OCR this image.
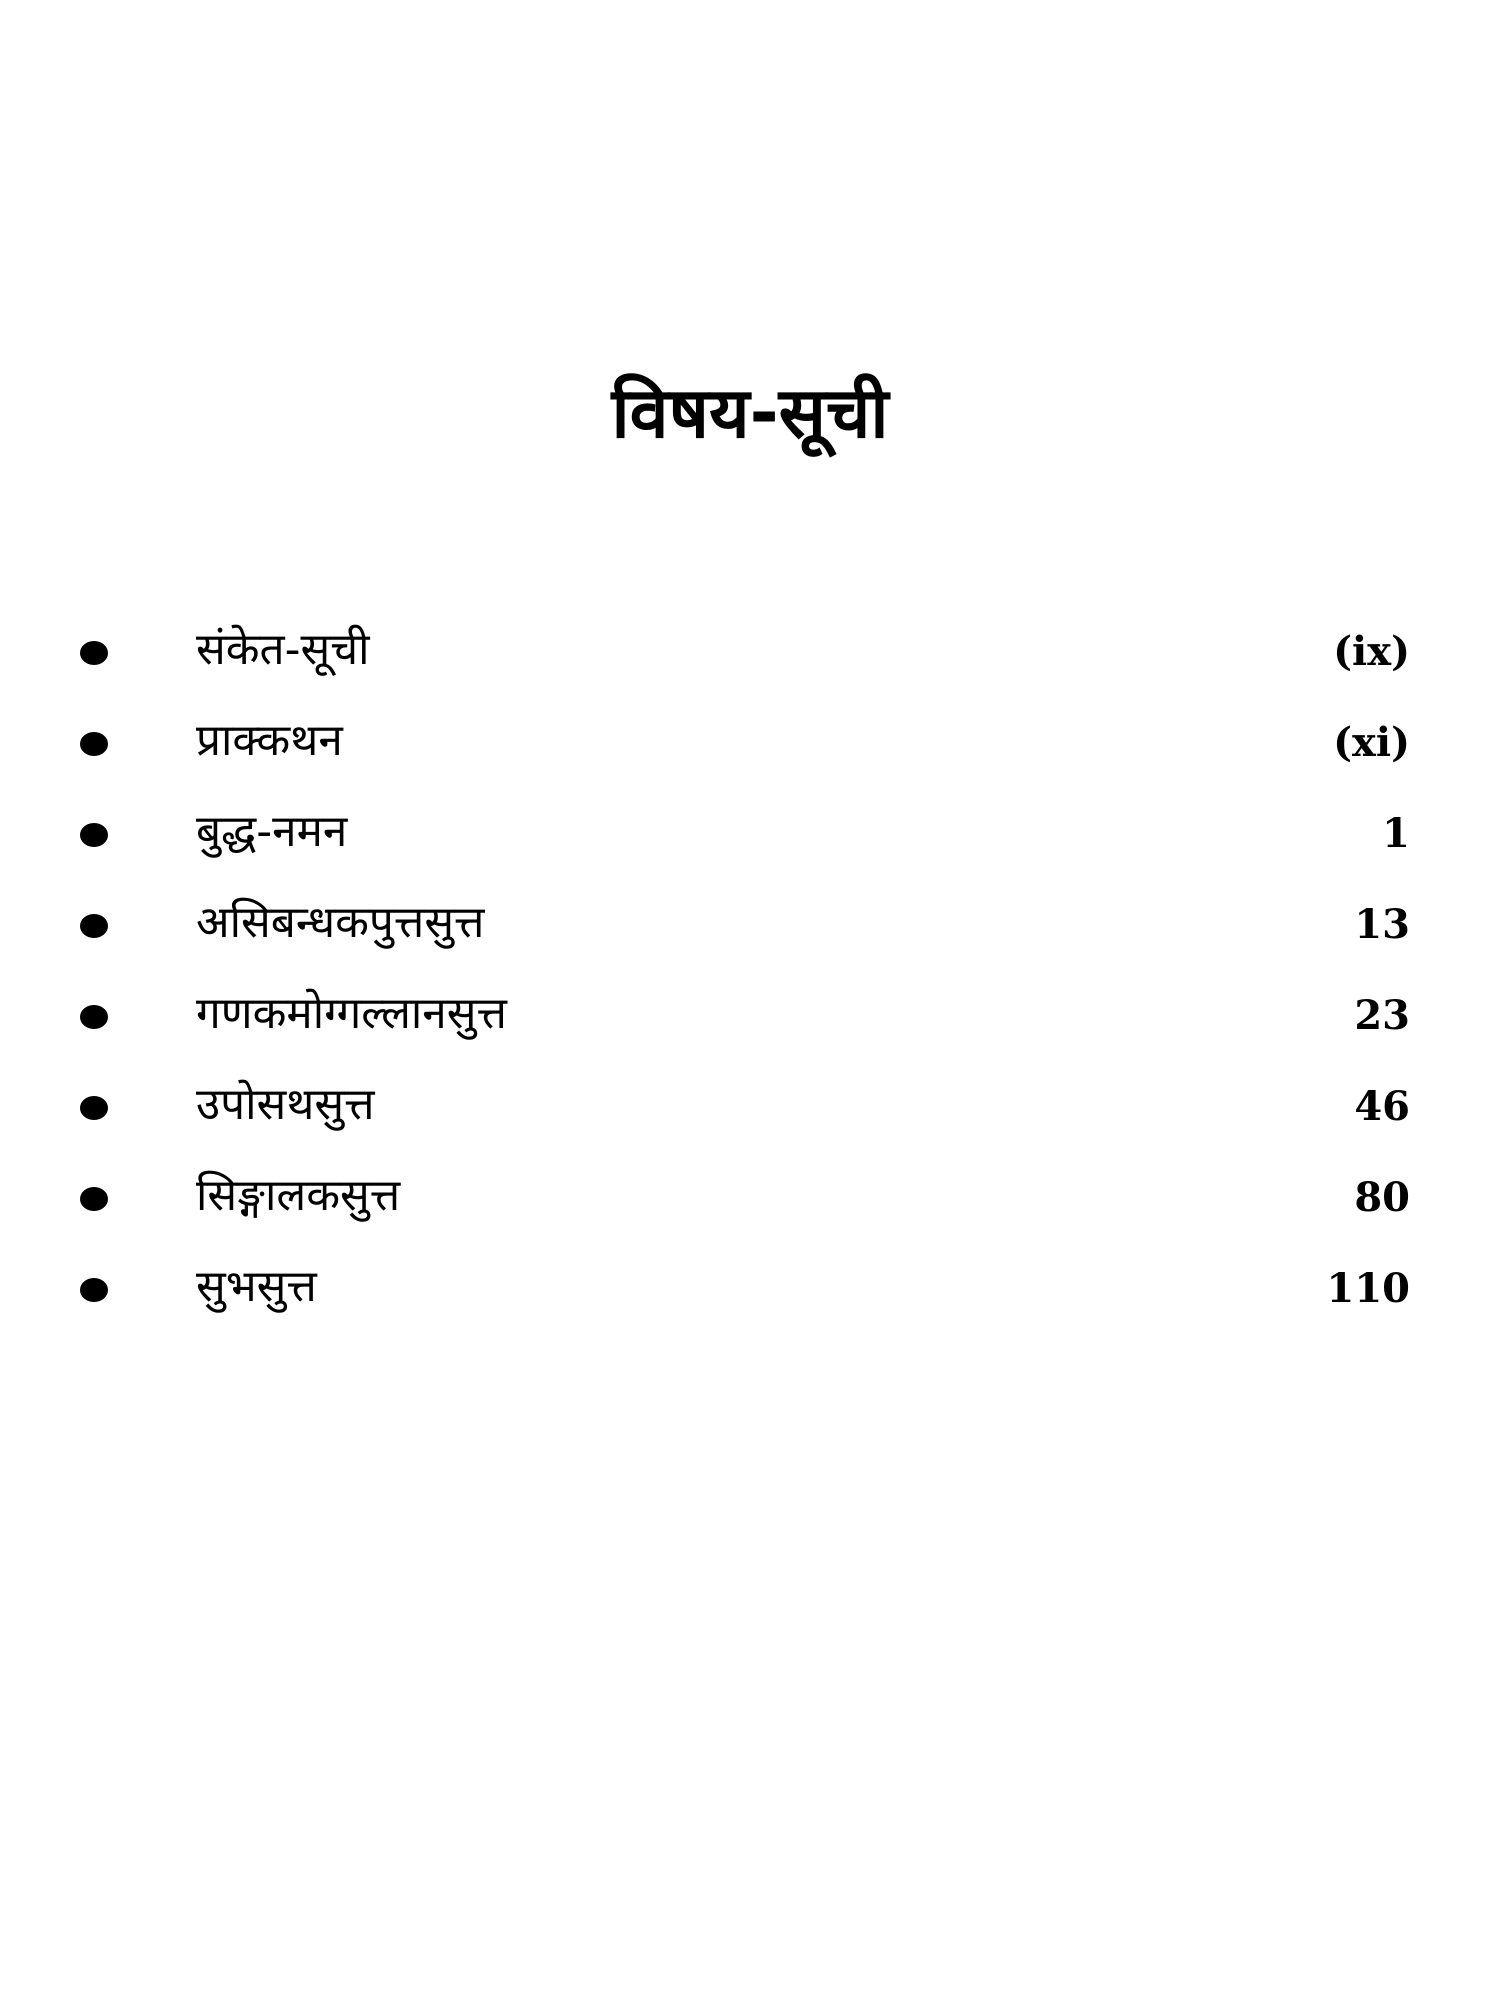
विषय-सूची
संकेत-सूची	(ix)
प्राक्कथन	(xi)
बुद्ध-नमन	1
असिबन्धकपुत्तसुत्त	13
गणकमोग्गल्लानसुत्त	23
उपोसथसुत्त	46
सिङ्गालकसुत्त	80
सुभसुत्त	110
